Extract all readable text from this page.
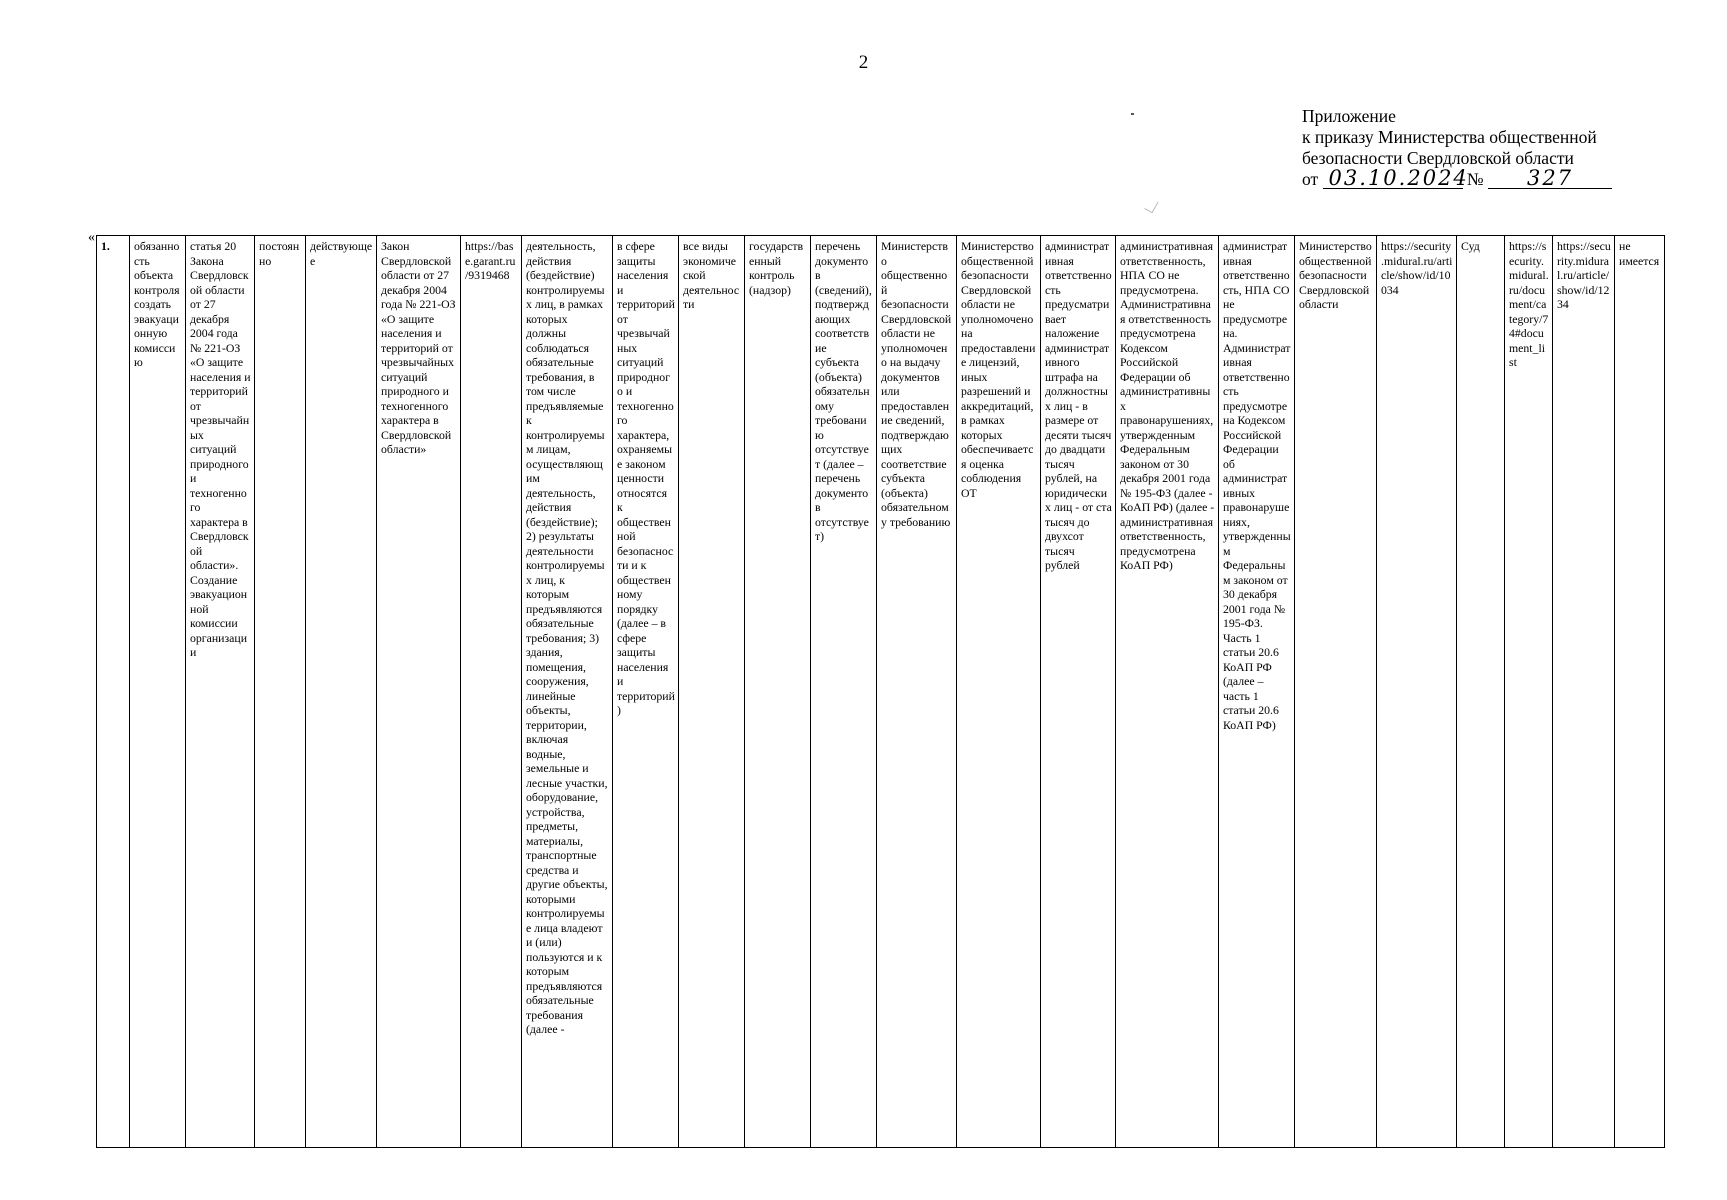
2
Приложение
к приказу Министерства общественной
безопасности Свердловской области
от 03.10.2024 № 327
«
1.	обязанность объекта контроля создать эвакуационную комиссию	статья 20 Закона Свердловской области от 27 декабря 2004 года № 221-ОЗ «О защите населения и территорий от чрезвычайных ситуаций природного и техногенного характера в Свердловской области». Создание эвакуационной комиссии организации	постоянно	действующее	Закон Свердловской области от 27 декабря 2004 года № 221-ОЗ «О защите населения и территорий от чрезвычайных ситуаций природного и техногенного характера в Свердловской области»	https://base.garant.ru/9319468	деятельность, действия (бездействие) контролируемых лиц, в рамках которых должны соблюдаться обязательные требования, в том числе предъявляемые к контролируемым лицам, осуществляющим деятельность, действия (бездействие); 2) результаты деятельности контролируемых лиц, к которым предъявляются обязательные требования; 3) здания, помещения, сооружения, линейные объекты, территории, включая водные, земельные и лесные участки, оборудование, устройства, предметы, материалы, транспортные средства и другие объекты, которыми контролируемые лица владеют и (или) пользуются и к которым предъявляются обязательные требования (далее -	в сфере защиты населения и территорий от чрезвычайных ситуаций природного и техногенного характера, охраняемые законом ценности относятся к общественной безопасности и к общественному порядку (далее – в сфере защиты населения и территорий)	все виды экономической деятельности	государственный контроль (надзор)	перечень документов (сведений), подтверждающих соответствие субъекта (объекта) обязательному требованию отсутствует (далее – перечень документов отсутствует)	Министерство общественной безопасности Свердловской области не уполномочено на выдачу документов или предоставление сведений, подтверждающих соответствие субъекта (объекта) обязательному требованию	Министерство общественной безопасности Свердловской области не уполномочено на предоставление лицензий, иных разрешений и аккредитаций, в рамках которых обеспечивается оценка соблюдения ОТ	административная ответственность предусматривает наложение административного штрафа на должностных лиц - в размере от десяти тысяч до двадцати тысяч рублей, на юридических лиц - от ста тысяч до двухсот тысяч рублей	административная ответственность, НПА СО не предусмотрена. Административная ответственность предусмотрена Кодексом Российской Федерации об административных правонарушениях, утвержденным Федеральным законом от 30 декабря 2001 года № 195-ФЗ (далее - КоАП РФ) (далее - административная ответственность, предусмотрена КоАП РФ)	административная ответственность, НПА СО не предусмотрена. Административная ответственность предусмотрена Кодексом Российской Федерации об административных правонарушениях, утвержденным Федеральным законом от 30 декабря 2001 года № 195-ФЗ. Часть 1 статьи 20.6 КоАП РФ (далее – часть 1 статьи 20.6 КоАП РФ)	Министерство общественной безопасности Свердловской области	https://security.midural.ru/article/show/id/10034	Суд	https://security.midural.ru/document/category/74#document_list	https://security.midural.ru/article/show/id/1234	не имеется
